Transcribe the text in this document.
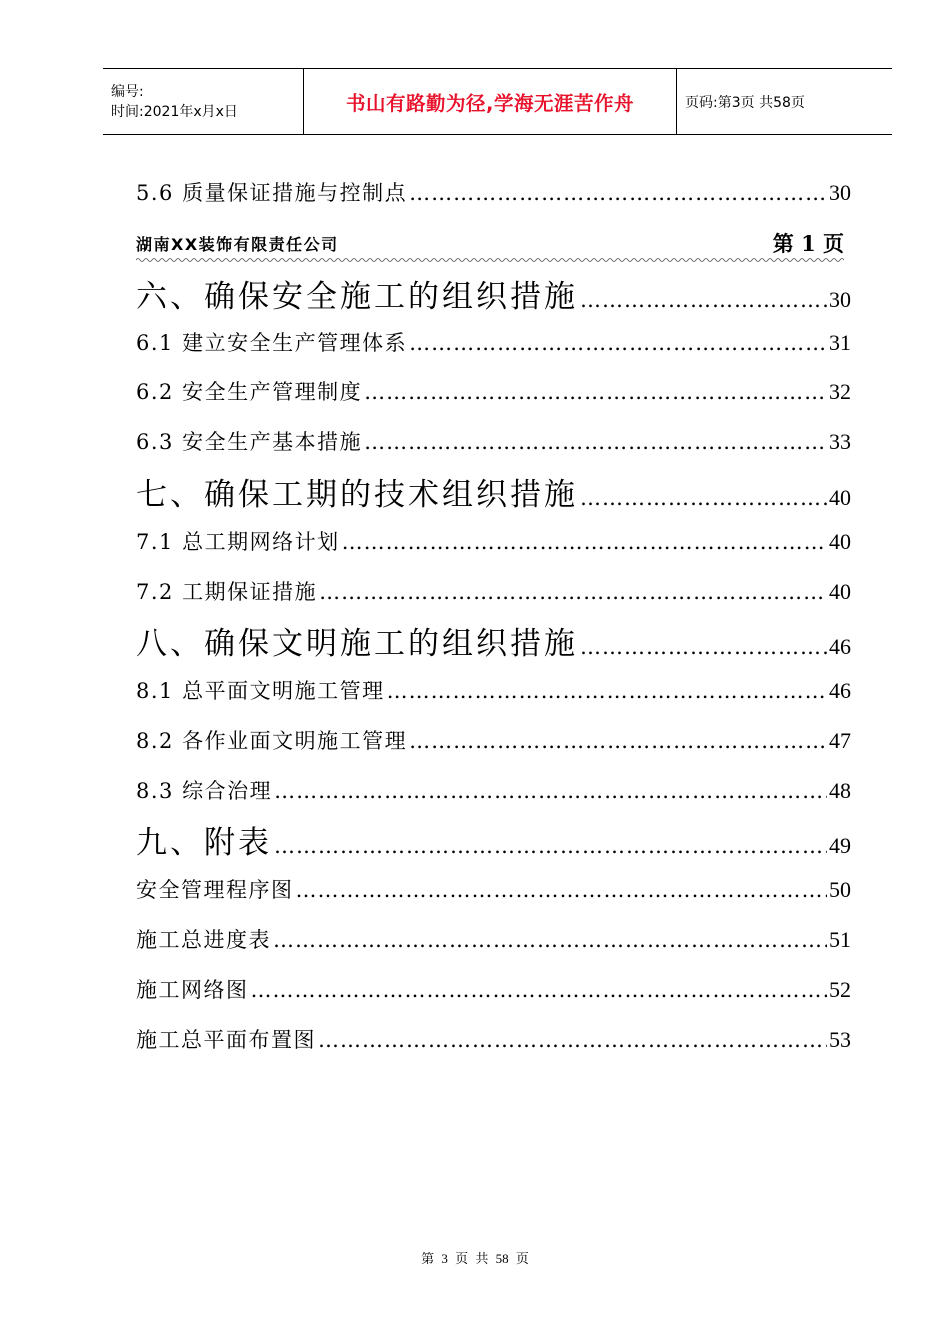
编号:
时间:2021年x月x日	书山有路勤为径,学海无涯苦作舟	页码:第3页 共58页
5.6 质量保证措施与控制点 …………………………………………………………………………………………………………………………………………………………………………………………	30
湖南XX装饰有限责任公司	第 1 页
六、确保安全施工的组织措施 …………………………………………………………………………………………………………………………………………………………………………………………	30
6.1 建立安全生产管理体系 …………………………………………………………………………………………………………………………………………………………………………………………	31
6.2 安全生产管理制度 …………………………………………………………………………………………………………………………………………………………………………………………	32
6.3 安全生产基本措施 …………………………………………………………………………………………………………………………………………………………………………………………	33
七、确保工期的技术组织措施 …………………………………………………………………………………………………………………………………………………………………………………………	40
7.1 总工期网络计划 …………………………………………………………………………………………………………………………………………………………………………………………	40
7.2 工期保证措施 …………………………………………………………………………………………………………………………………………………………………………………………	40
八、确保文明施工的组织措施 …………………………………………………………………………………………………………………………………………………………………………………………	46
8.1 总平面文明施工管理 …………………………………………………………………………………………………………………………………………………………………………………………	46
8.2 各作业面文明施工管理 …………………………………………………………………………………………………………………………………………………………………………………………	47
8.3 综合治理 …………………………………………………………………………………………………………………………………………………………………………………………	48
九、附表 …………………………………………………………………………………………………………………………………………………………………………………………	49
安全管理程序图 …………………………………………………………………………………………………………………………………………………………………………………………	50
施工总进度表 …………………………………………………………………………………………………………………………………………………………………………………………	51
施工网络图 …………………………………………………………………………………………………………………………………………………………………………………………	52
施工总平面布置图 …………………………………………………………………………………………………………………………………………………………………………………………	53
第 3 页 共 58 页
